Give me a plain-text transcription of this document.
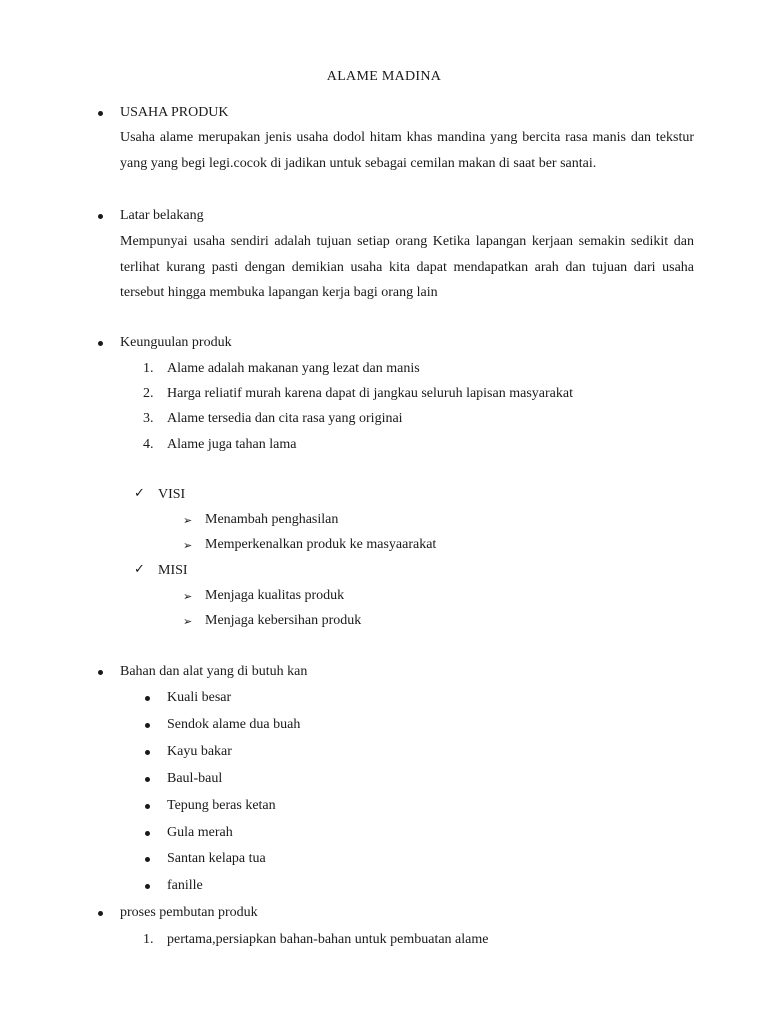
ALAME MADINA
USAHA PRODUK
Usaha alame merupakan jenis usaha dodol hitam khas mandina yang bercita rasa manis dan tekstur yang yang begi legi.cocok di jadikan untuk sebagai cemilan makan di saat ber santai.
Latar belakang
Mempunyai usaha sendiri adalah tujuan setiap orang Ketika lapangan kerjaan semakin sedikit dan terlihat kurang pasti dengan demikian usaha kita dapat mendapatkan arah dan tujuan dari usaha tersebut hingga membuka lapangan kerja bagi orang lain
Keunguulan produk
1. Alame adalah makanan yang lezat dan manis
2. Harga reliatif murah karena dapat di jangkau seluruh lapisan masyarakat
3. Alame tersedia dan cita rasa yang originai
4. Alame juga tahan lama
✓ VISI
➢ Menambah penghasilan
➢ Memperkenalkan produk ke masyaarakat
✓ MISI
➢ Menjaga kualitas produk
➢ Menjaga kebersihan produk
Bahan dan alat yang di butuh kan
Kuali besar
Sendok alame dua buah
Kayu bakar
Baul-baul
Tepung beras ketan
Gula merah
Santan kelapa tua
fanille
proses pembutan produk
1. pertama,persiapkan bahan-bahan untuk pembuatan alame
